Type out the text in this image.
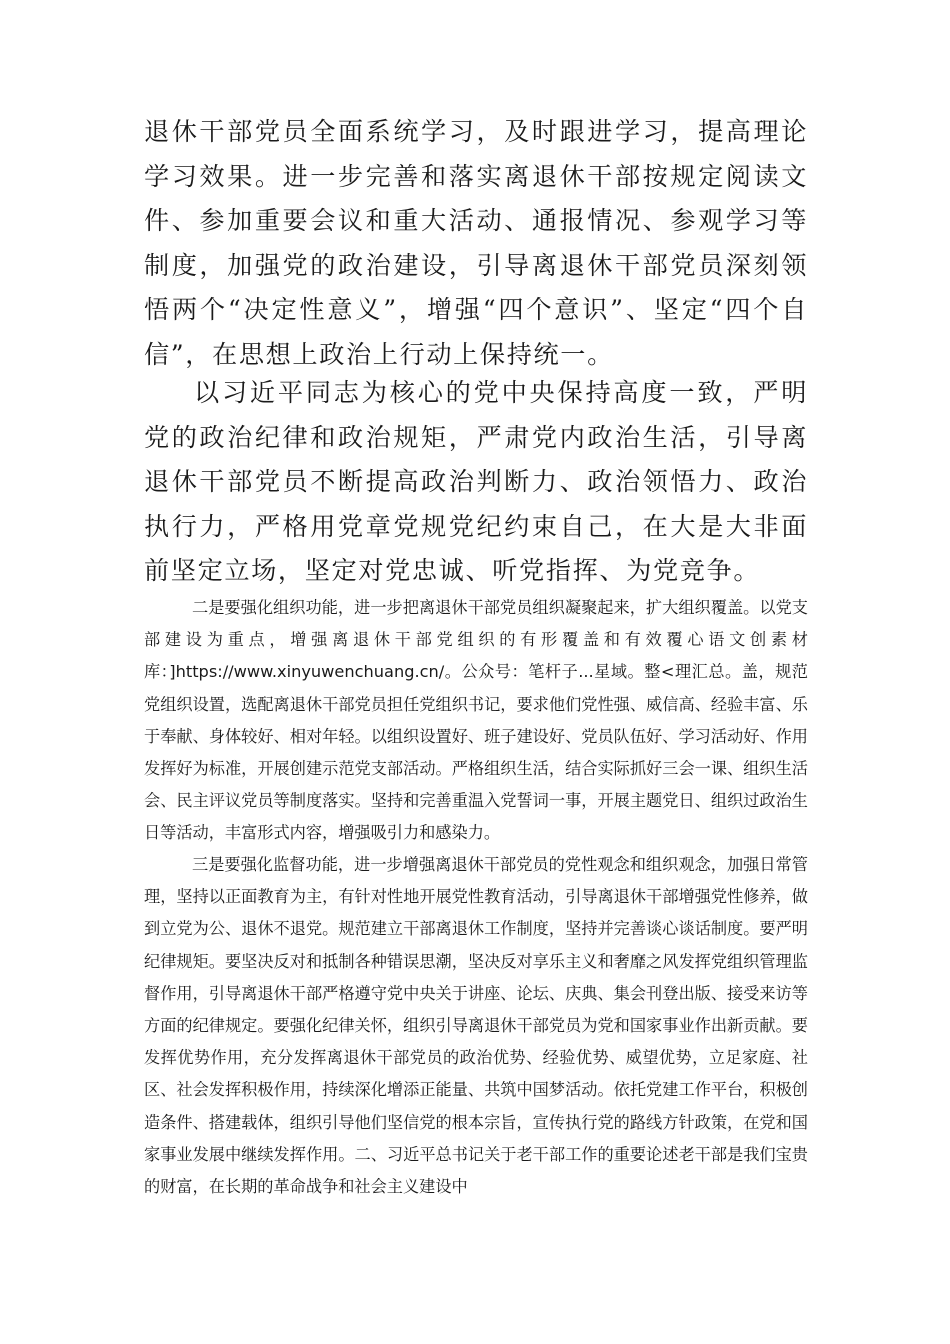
退休干部党员全面系统学习，及时跟进学习，提高理论学习效果。进一步完善和落实离退休干部按规定阅读文件、参加重要会议和重大活动、通报情况、参观学习等制度，加强党的政治建设，引导离退休干部党员深刻领悟两个“决定性意义”，增强“四个意识”、坚定“四个自信”，在思想上政治上行动上保持统一。

以习近平同志为核心的党中央保持高度一致，严明党的政治纪律和政治规矩，严肃党内政治生活，引导离退休干部党员不断提高政治判断力、政治领悟力、政治执行力，严格用党章党规党纪约束自己，在大是大非面前坚定立场，坚定对党忠诚、听党指挥、为党竞争。

二是要强化组织功能，进一步把离退休干部党员组织凝聚起来，扩大组织覆盖。以党支部建设为重点，增强离退休干部党组织的有形覆盖和有效覆心语文创素材库：]https://www.xinyuwenchuang.cn/。公众号：笔杆子...星域。整<理汇总。盖，规范党组织设置，选配离退休干部党员担任党组织书记，要求他们党性强、威信高、经验丰富、乐于奉献、身体较好、相对年轻。以组织设置好、班子建设好、党员队伍好、学习活动好、作用发挥好为标准，开展创建示范党支部活动。严格组织生活，结合实际抓好三会一课、组织生活会、民主评议党员等制度落实。坚持和完善重温入党誓词一事，开展主题党日、组织过政治生日等活动，丰富形式内容，增强吸引力和感染力。

三是要强化监督功能，进一步增强离退休干部党员的党性观念和组织观念，加强日常管理，坚持以正面教育为主，有针对性地开展党性教育活动，引导离退休干部增强党性修养，做到立党为公、退休不退党。规范建立干部离退休工作制度，坚持并完善谈心谈话制度。要严明纪律规矩。要坚决反对和抵制各种错误思潮，坚决反对享乐主义和奢靡之风发挥党组织管理监督作用，引导离退休干部严格遵守党中央关于讲座、论坛、庆典、集会刊登出版、接受来访等方面的纪律规定。要强化纪律关怀，组织引导离退休干部党员为党和国家事业作出新贡献。要发挥优势作用，充分发挥离退休干部党员的政治优势、经验优势、威望优势，立足家庭、社区、社会发挥积极作用，持续深化增添正能量、共筑中国梦活动。依托党建工作平台，积极创造条件、搭建载体，组织引导他们坚信党的根本宗旨，宣传执行党的路线方针政策，在党和国家事业发展中继续发挥作用。二、习近平总书记关于老干部工作的重要论述老干部是我们宝贵的财富，在长期的革命战争和社会主义建设中
